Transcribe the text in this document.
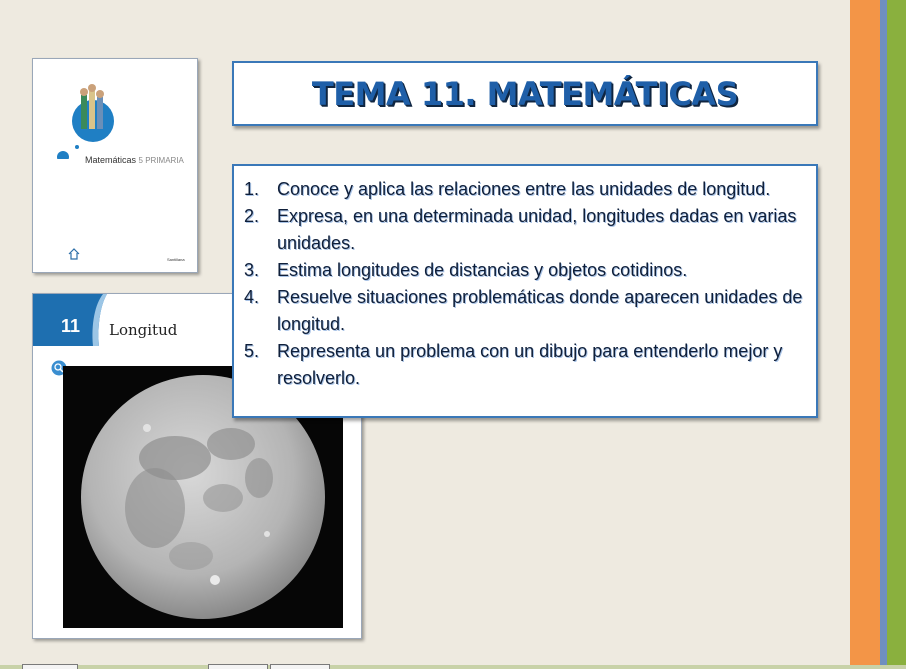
Matemáticas 5 PRIMARIA
Santillana
11 Longitud
TEMA 11. MATEMÁTICAS
1. Conoce y aplica las relaciones entre las unidades de longitud.
2. Expresa, en una determinada unidad, longitudes dadas en varias unidades.
3. Estima longitudes de distancias y objetos cotidinos.
4. Resuelve situaciones problemáticas donde aparecen unidades de longitud.
5. Representa un problema con un dibujo para entenderlo mejor y resolverlo.
